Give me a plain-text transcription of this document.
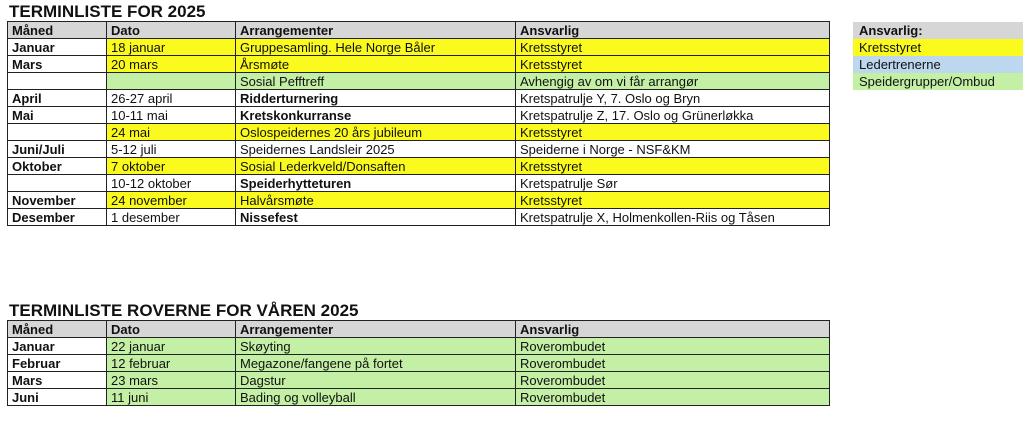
TERMINLISTE FOR 2025
Måned	Dato	Arrangementer	Ansvarlig
Januar	18 januar	Gruppesamling. Hele Norge Båler	Kretsstyret
Mars	20 mars	Årsmøte	Kretsstyret
		Sosial Pefftreff	Avhengig av om vi får arrangør
April	26-27 april	Ridderturnering	Kretspatrulje Y, 7. Oslo og Bryn
Mai	10-11 mai	Kretskonkurranse	Kretspatrulje Z, 17. Oslo og Grünerløkka
	24 mai	Oslospeidernes 20 års jubileum	Kretsstyret
Juni/Juli	5-12 juli	Speidernes Landsleir 2025	Speiderne i Norge - NSF&KM
Oktober	7 oktober	Sosial Lederkveld/Donsaften	Kretsstyret
	10-12 oktober	Speiderhytteturen	Kretspatrulje Sør
November	24 november	Halvårsmøte	Kretsstyret
Desember	1 desember	Nissefest	Kretspatrulje X, Holmenkollen-Riis og Tåsen
TERMINLISTE ROVERNE FOR VÅREN 2025
Måned	Dato	Arrangementer	Ansvarlig
Januar	22 januar	Skøyting	Roverombudet
Februar	12 februar	Megazone/fangene på fortet	Roverombudet
Mars	23 mars	Dagstur	Roverombudet
Juni	11 juni	Bading og volleyball	Roverombudet
Ansvarlig:
Kretsstyret
Ledertrenerne
Speidergrupper/Ombud
